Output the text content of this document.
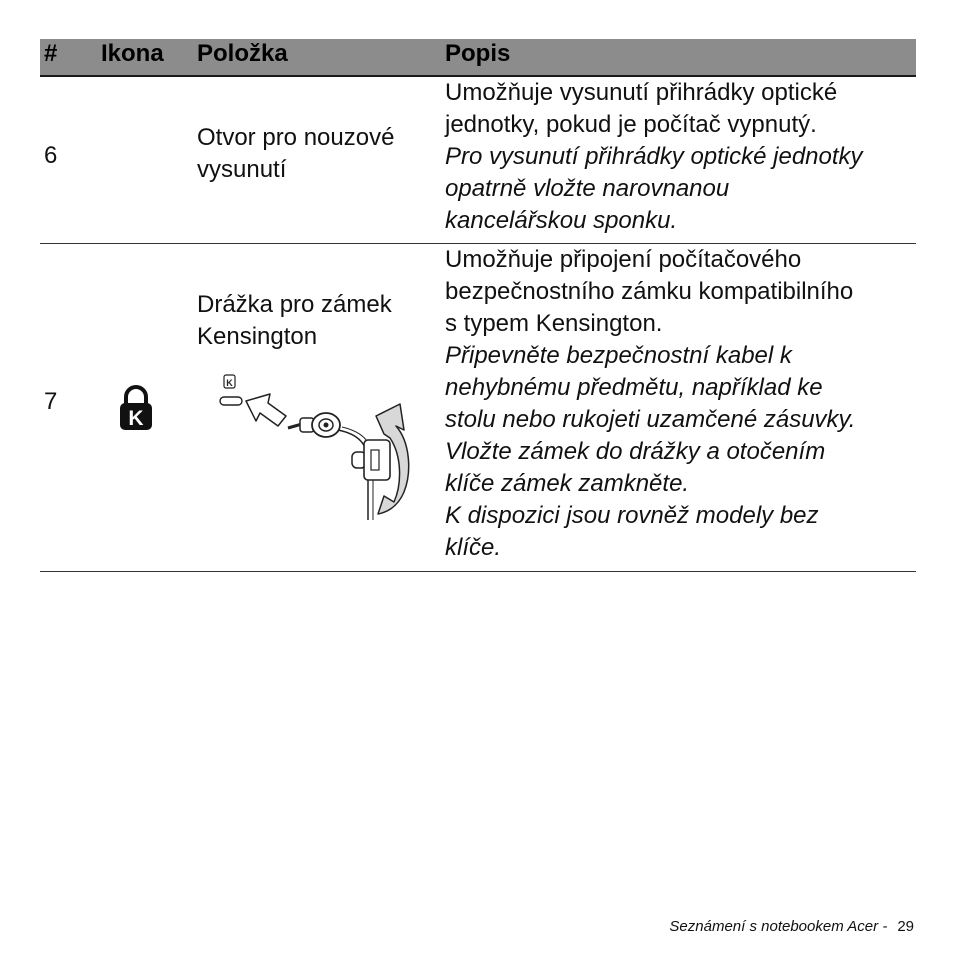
# Ikona Položka	Popis
6
Otvor pro nouzové
vysunutí

Umožňuje vysunutí přihrádky optické

jednotky, pokud je počítač vypnutý.

Pro vysunutí přihrádky optické jednotky

opatrně vložte narovnanou

kancelářskou sponku.

7
K
Drážka pro zámek
Kensington
K

Umožňuje připojení počítačového

bezpečnostního zámku kompatibilního

s typem Kensington.

Připevněte bezpečnostní kabel k

nehybnému předmětu, například ke

stolu nebo rukojeti uzamčené zásuvky.

Vložte zámek do drážky a otočením

klíče zámek zamkněte.

K dispozici jsou rovněž modely bez

klíče.

Seznámení s notebookem Acer - 29
